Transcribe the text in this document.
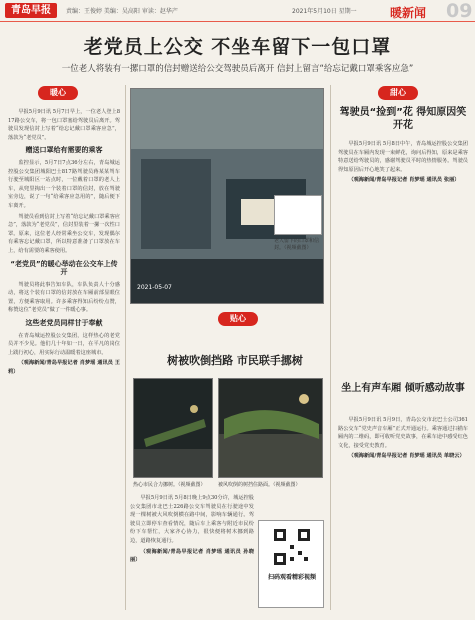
青岛早报	责编：王俊婷 美编：吴高阳 审读：赵华产	2021年5月10日 星期一	暖新闻 09
老党员上公交 不坐车留下一包口罩
一位老人将装有一摞口罩的信封赠送给公交驾驶员后离开 信封上留言“给忘记戴口罩乘客应急”
暖心

早报5月9日讯 5月7日早上，一位老人登上817路公交车，将一包口罩塞给驾驶员后离开。驾驶员发现信封上写着“给忘记戴口罩乘客应急”，落款为“老党员”。

赠送口罩给有需要的乘客

监控显示，5月7日7点36分左右，青岛城运控股公交集团城阳巴士817路驾驶员蒋某某驾车行驶至城阳区一站点时，一位戴着口罩的老人上车，从兜里掏出一个装着口罩的信封，放在驾驶室旁边，说了一句“给乘客应急用的”，随后便下车离开。

驾驶员看到信封上写着“给忘记戴口罩乘客应急”，落款为“老党员”，信封里装着一摞一次性口罩。原来，这位老人经常乘坐公交车，发现偶尔有乘客忘记戴口罩，所以特意准备了口罩放在车上，给有需要的乘客使用。

“老党员”的暖心举动在公交车上传开

驾驶员将此事告知车队，车队负责人十分感动，将这个装有口罩的信封放在车厢前部显眼位置，方便乘客取用。许多乘客得知后纷纷点赞，称赞这位“老党员”做了一件暖心事。

这些老党员同样甘于奉献

在青岛城运控股公交集团，这样热心的老党员并不少见。他们几十年如一日，在平凡的岗位上践行初心，用实际行动温暖着这座城市。

（观海新闻/青岛早报记者 肖梦瑶 通讯员 王莉）

2021-05-07
老人留下的口罩和信封。（视频截图）
贴心
树被吹倒挡路 市民联手挪树
热心市民合力挪树。（视频截图）	被风吹倒的树挡住路面。（视频截图）

早报5月9日讯 5月8日晚上9点30分许，城运控股公交集团市北巴士226路公交车驾驶员在行驶途中发现一棵树被大风吹倒横在路中间，影响车辆通行。驾驶员立即停车查看情况，随后车上乘客与附近市民纷纷下车帮忙，大家齐心协力，很快便将树木挪到路边，道路恢复通行。

（观海新闻/青岛早报记者 肖梦瑶 通讯员 孙晓丽）

扫码观看精彩视频
甜心
驾驶员“捡到”花 得知原因笑开花

早报5月9日讯 5月8日中午，青岛城运控股公交集团驾驶员在车厢内发现一束鲜花，询问后得知，原来是乘客特意送给驾驶员的，感谢驾驶员平时的热情服务。驾驶员得知原因后开心地笑了起来。

（观海新闻/青岛早报记者 肖梦瑶 通讯员 张丽）

坐上有声车厢 倾听感动故事

早报5月9日讯 5月9日，青岛公交市北巴士公司361路公交车“党史声音车厢”正式开通运行。乘客通过扫描车厢内的二维码，即可收听党史故事，在乘车途中感受红色文化，接受党史教育。

（观海新闻/青岛早报记者 肖梦瑶 通讯员 单晓云）
